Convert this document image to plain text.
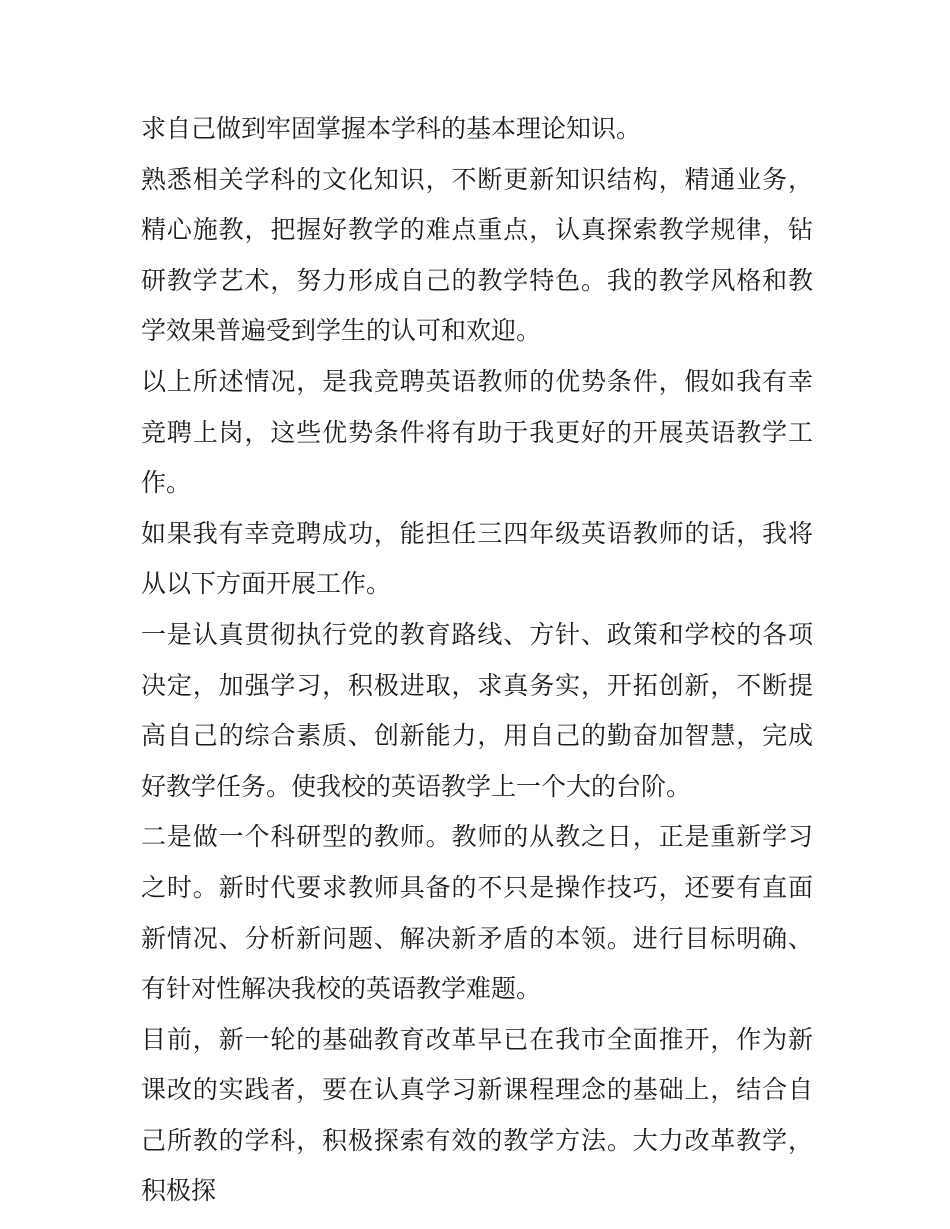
求自己做到牢固掌握本学科的基本理论知识。

熟悉相关学科的文化知识，不断更新知识结构，精通业务，精心施教，把握好教学的难点重点，认真探索教学规律，钻研教学艺术，努力形成自己的教学特色。我的教学风格和教学效果普遍受到学生的认可和欢迎。

以上所述情况，是我竞聘英语教师的优势条件，假如我有幸竞聘上岗，这些优势条件将有助于我更好的开展英语教学工作。

如果我有幸竞聘成功，能担任三四年级英语教师的话，我将从以下方面开展工作。

一是认真贯彻执行党的教育路线、方针、政策和学校的各项决定，加强学习，积极进取，求真务实，开拓创新，不断提高自己的综合素质、创新能力，用自己的勤奋加智慧，完成好教学任务。使我校的英语教学上一个大的台阶。

二是做一个科研型的教师。教师的从教之日，正是重新学习之时。新时代要求教师具备的不只是操作技巧，还要有直面新情况、分析新问题、解决新矛盾的本领。进行目标明确、有针对性解决我校的英语教学难题。

目前，新一轮的基础教育改革早已在我市全面推开，作为新课改的实践者，要在认真学习新课程理念的基础上，结合自己所教的学科，积极探索有效的教学方法。大力改革教学，积极探
